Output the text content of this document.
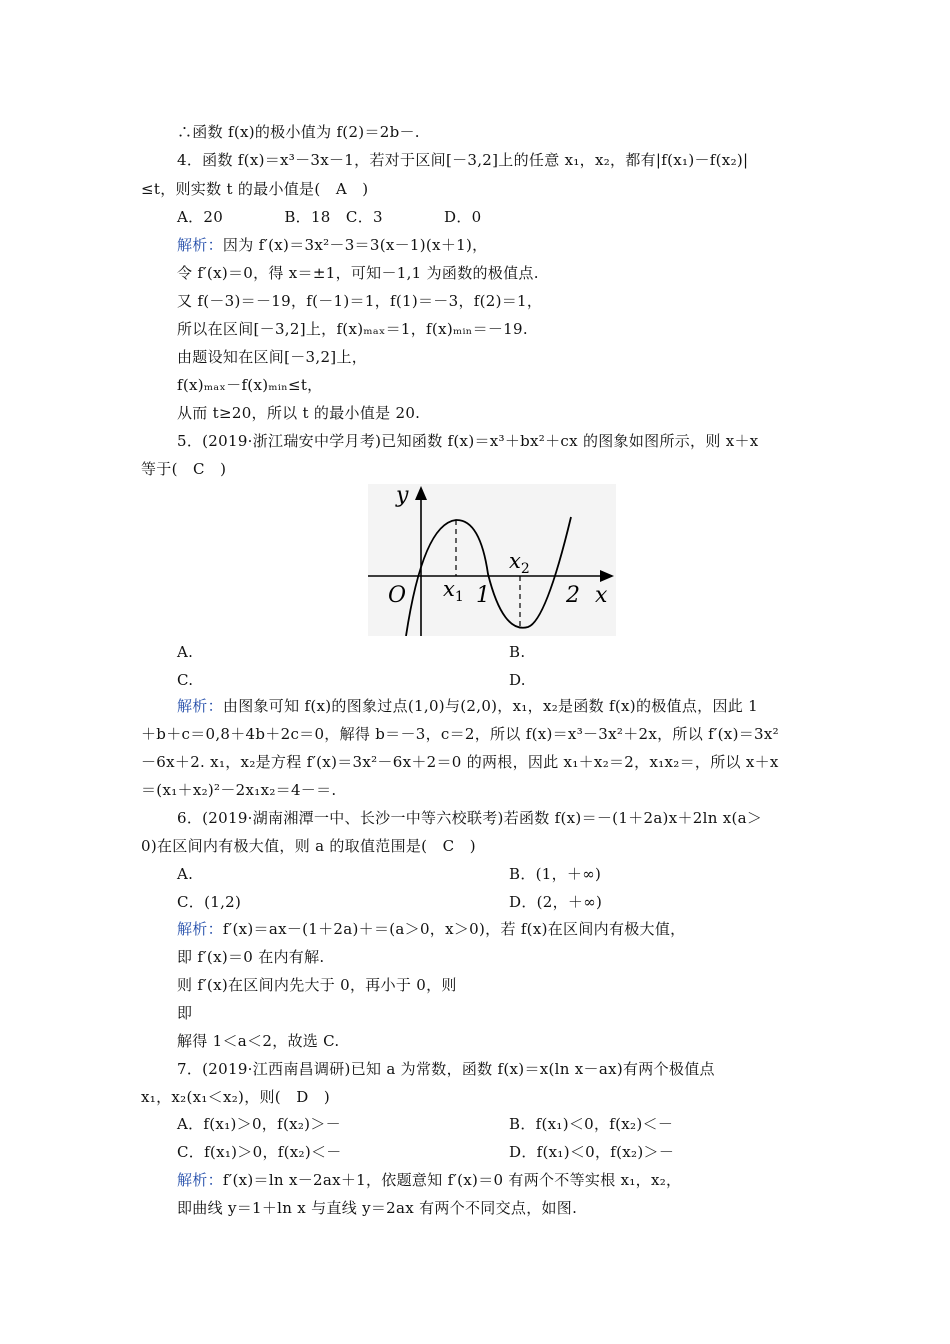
∴函数 f(x)的极小值为 f(2)＝2b－.
4．函数 f(x)＝x³－3x－1，若对于区间[－3,2]上的任意 x₁，x₂，都有|f(x₁)－f(x₂)|
≤t，则实数 t 的最小值是(　A　)
A．20　　　　B．18　C．3　　　　D．0
解析：因为 f′(x)＝3x²－3＝3(x－1)(x＋1)，
令 f′(x)＝0，得 x＝±1，可知－1,1 为函数的极值点.
又 f(－3)＝－19，f(－1)＝1，f(1)＝－3，f(2)＝1，
所以在区间[－3,2]上，f(x)ₘₐₓ＝1，f(x)ₘᵢₙ＝－19.
由题设知在区间[－3,2]上，
f(x)ₘₐₓ－f(x)ₘᵢₙ≤t，
从而 t≥20，所以 t 的最小值是 20.
5．(2019·浙江瑞安中学月考)已知函数 f(x)＝x³＋bx²＋cx 的图象如图所示，则 x＋x
等于(　C　)
y
x
O $x_1$
$x_2$
1	2
A.	B.
C.	D.
解析：由图象可知 f(x)的图象过点(1,0)与(2,0)，x₁，x₂是函数 f(x)的极值点，因此 1
＋b＋c＝0,8＋4b＋2c＝0，解得 b＝－3，c＝2，所以 f(x)＝x³－3x²＋2x，所以 f′(x)＝3x²
－6x＋2. x₁，x₂是方程 f′(x)＝3x²－6x＋2＝0 的两根，因此 x₁＋x₂＝2，x₁x₂＝，所以 x＋x
＝(x₁＋x₂)²－2x₁x₂＝4－＝.
6．(2019·湖南湘潭一中、长沙一中等六校联考)若函数 f(x)＝－(1＋2a)x＋2ln x(a＞
0)在区间内有极大值，则 a 的取值范围是(　C　)
A.	B．(1，＋∞)
C．(1,2)	D．(2，＋∞)
解析：f′(x)＝ax－(1＋2a)＋＝(a＞0，x＞0)，若 f(x)在区间内有极大值，
即 f′(x)＝0 在内有解.
则 f′(x)在区间内先大于 0，再小于 0，则
即
解得 1＜a＜2，故选 C.
7．(2019·江西南昌调研)已知 a 为常数，函数 f(x)＝x(ln x－ax)有两个极值点
x₁，x₂(x₁＜x₂)，则(　D　)
A．f(x₁)＞0，f(x₂)＞－	B．f(x₁)＜0，f(x₂)＜－
C．f(x₁)＞0，f(x₂)＜－	D．f(x₁)＜0，f(x₂)＞－
解析：f′(x)＝ln x－2ax＋1，依题意知 f′(x)＝0 有两个不等实根 x₁，x₂，
即曲线 y＝1＋ln x 与直线 y＝2ax 有两个不同交点，如图.
